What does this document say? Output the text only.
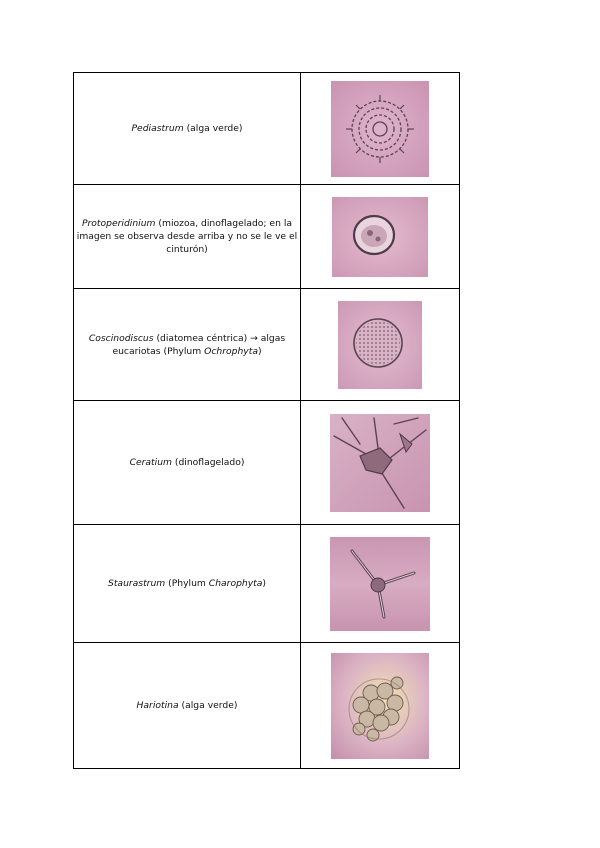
Pediastrum (alga verde)	

Protoperidinium (miozoa, dinoflagelado; en la imagen se observa desde arriba y no se le ve el cinturón)	

Coscinodiscus (diatomea céntrica) → algas eucariotas (Phylum Ochrophyta)	

Ceratium (dinoflagelado)	

Staurastrum (Phylum Charophyta)	

Hariotina (alga verde)	
